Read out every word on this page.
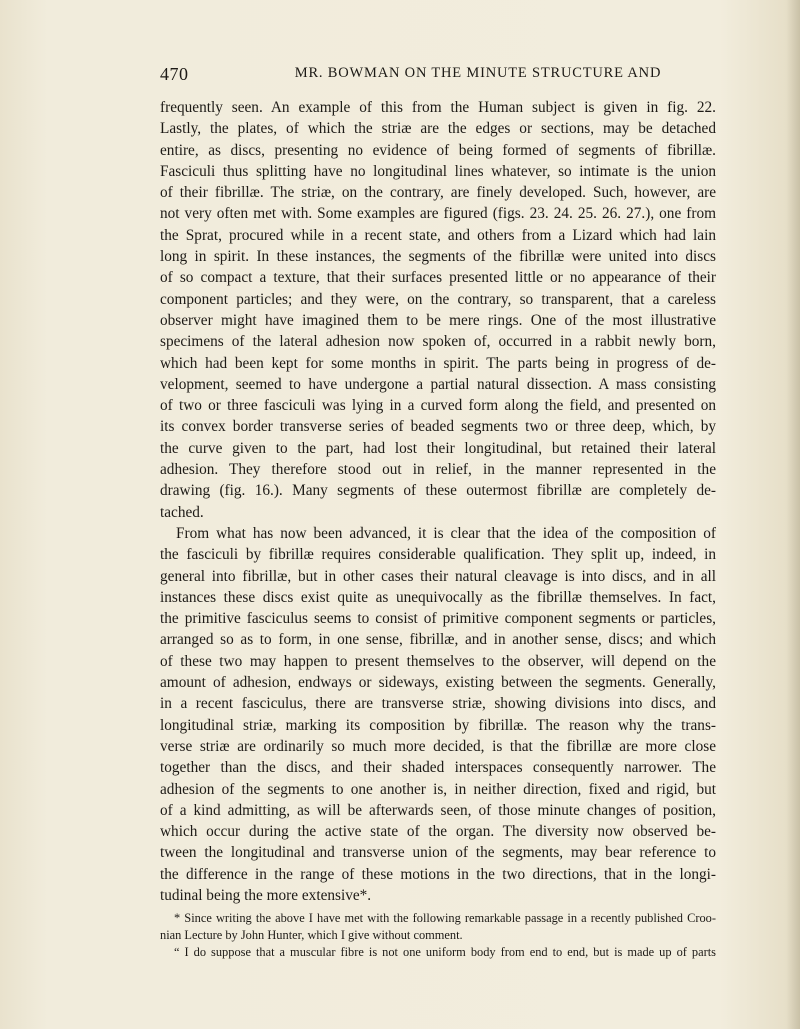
470	MR. BOWMAN ON THE MINUTE STRUCTURE AND
frequently seen. An example of this from the Human subject is given in fig. 22.
Lastly, the plates, of which the striæ are the edges or sections, may be detached
entire, as discs, presenting no evidence of being formed of segments of fibrillæ.
Fasciculi thus splitting have no longitudinal lines whatever, so intimate is the union
of their fibrillæ. The striæ, on the contrary, are finely developed. Such, however, are
not very often met with. Some examples are figured (figs. 23. 24. 25. 26. 27.), one from
the Sprat, procured while in a recent state, and others from a Lizard which had lain
long in spirit. In these instances, the segments of the fibrillæ were united into discs
of so compact a texture, that their surfaces presented little or no appearance of their
component particles; and they were, on the contrary, so transparent, that a careless
observer might have imagined them to be mere rings. One of the most illustrative
specimens of the lateral adhesion now spoken of, occurred in a rabbit newly born,
which had been kept for some months in spirit. The parts being in progress of de-
velopment, seemed to have undergone a partial natural dissection. A mass consisting
of two or three fasciculi was lying in a curved form along the field, and presented on
its convex border transverse series of beaded segments two or three deep, which, by
the curve given to the part, had lost their longitudinal, but retained their lateral
adhesion. They therefore stood out in relief, in the manner represented in the
drawing (fig. 16.). Many segments of these outermost fibrillæ are completely de-
tached.
From what has now been advanced, it is clear that the idea of the composition of
the fasciculi by fibrillæ requires considerable qualification. They split up, indeed, in
general into fibrillæ, but in other cases their natural cleavage is into discs, and in all
instances these discs exist quite as unequivocally as the fibrillæ themselves. In fact,
the primitive fasciculus seems to consist of primitive component segments or particles,
arranged so as to form, in one sense, fibrillæ, and in another sense, discs; and which
of these two may happen to present themselves to the observer, will depend on the
amount of adhesion, endways or sideways, existing between the segments. Generally,
in a recent fasciculus, there are transverse striæ, showing divisions into discs, and
longitudinal striæ, marking its composition by fibrillæ. The reason why the trans-
verse striæ are ordinarily so much more decided, is that the fibrillæ are more close
together than the discs, and their shaded interspaces consequently narrower. The
adhesion of the segments to one another is, in neither direction, fixed and rigid, but
of a kind admitting, as will be afterwards seen, of those minute changes of position,
which occur during the active state of the organ. The diversity now observed be-
tween the longitudinal and transverse union of the segments, may bear reference to
the difference in the range of these motions in the two directions, that in the longi-
tudinal being the more extensive*.
* Since writing the above I have met with the following remarkable passage in a recently published Croo-
nian Lecture by John Hunter, which I give without comment.
“ I do suppose that a muscular fibre is not one uniform body from end to end, but is made up of parts
